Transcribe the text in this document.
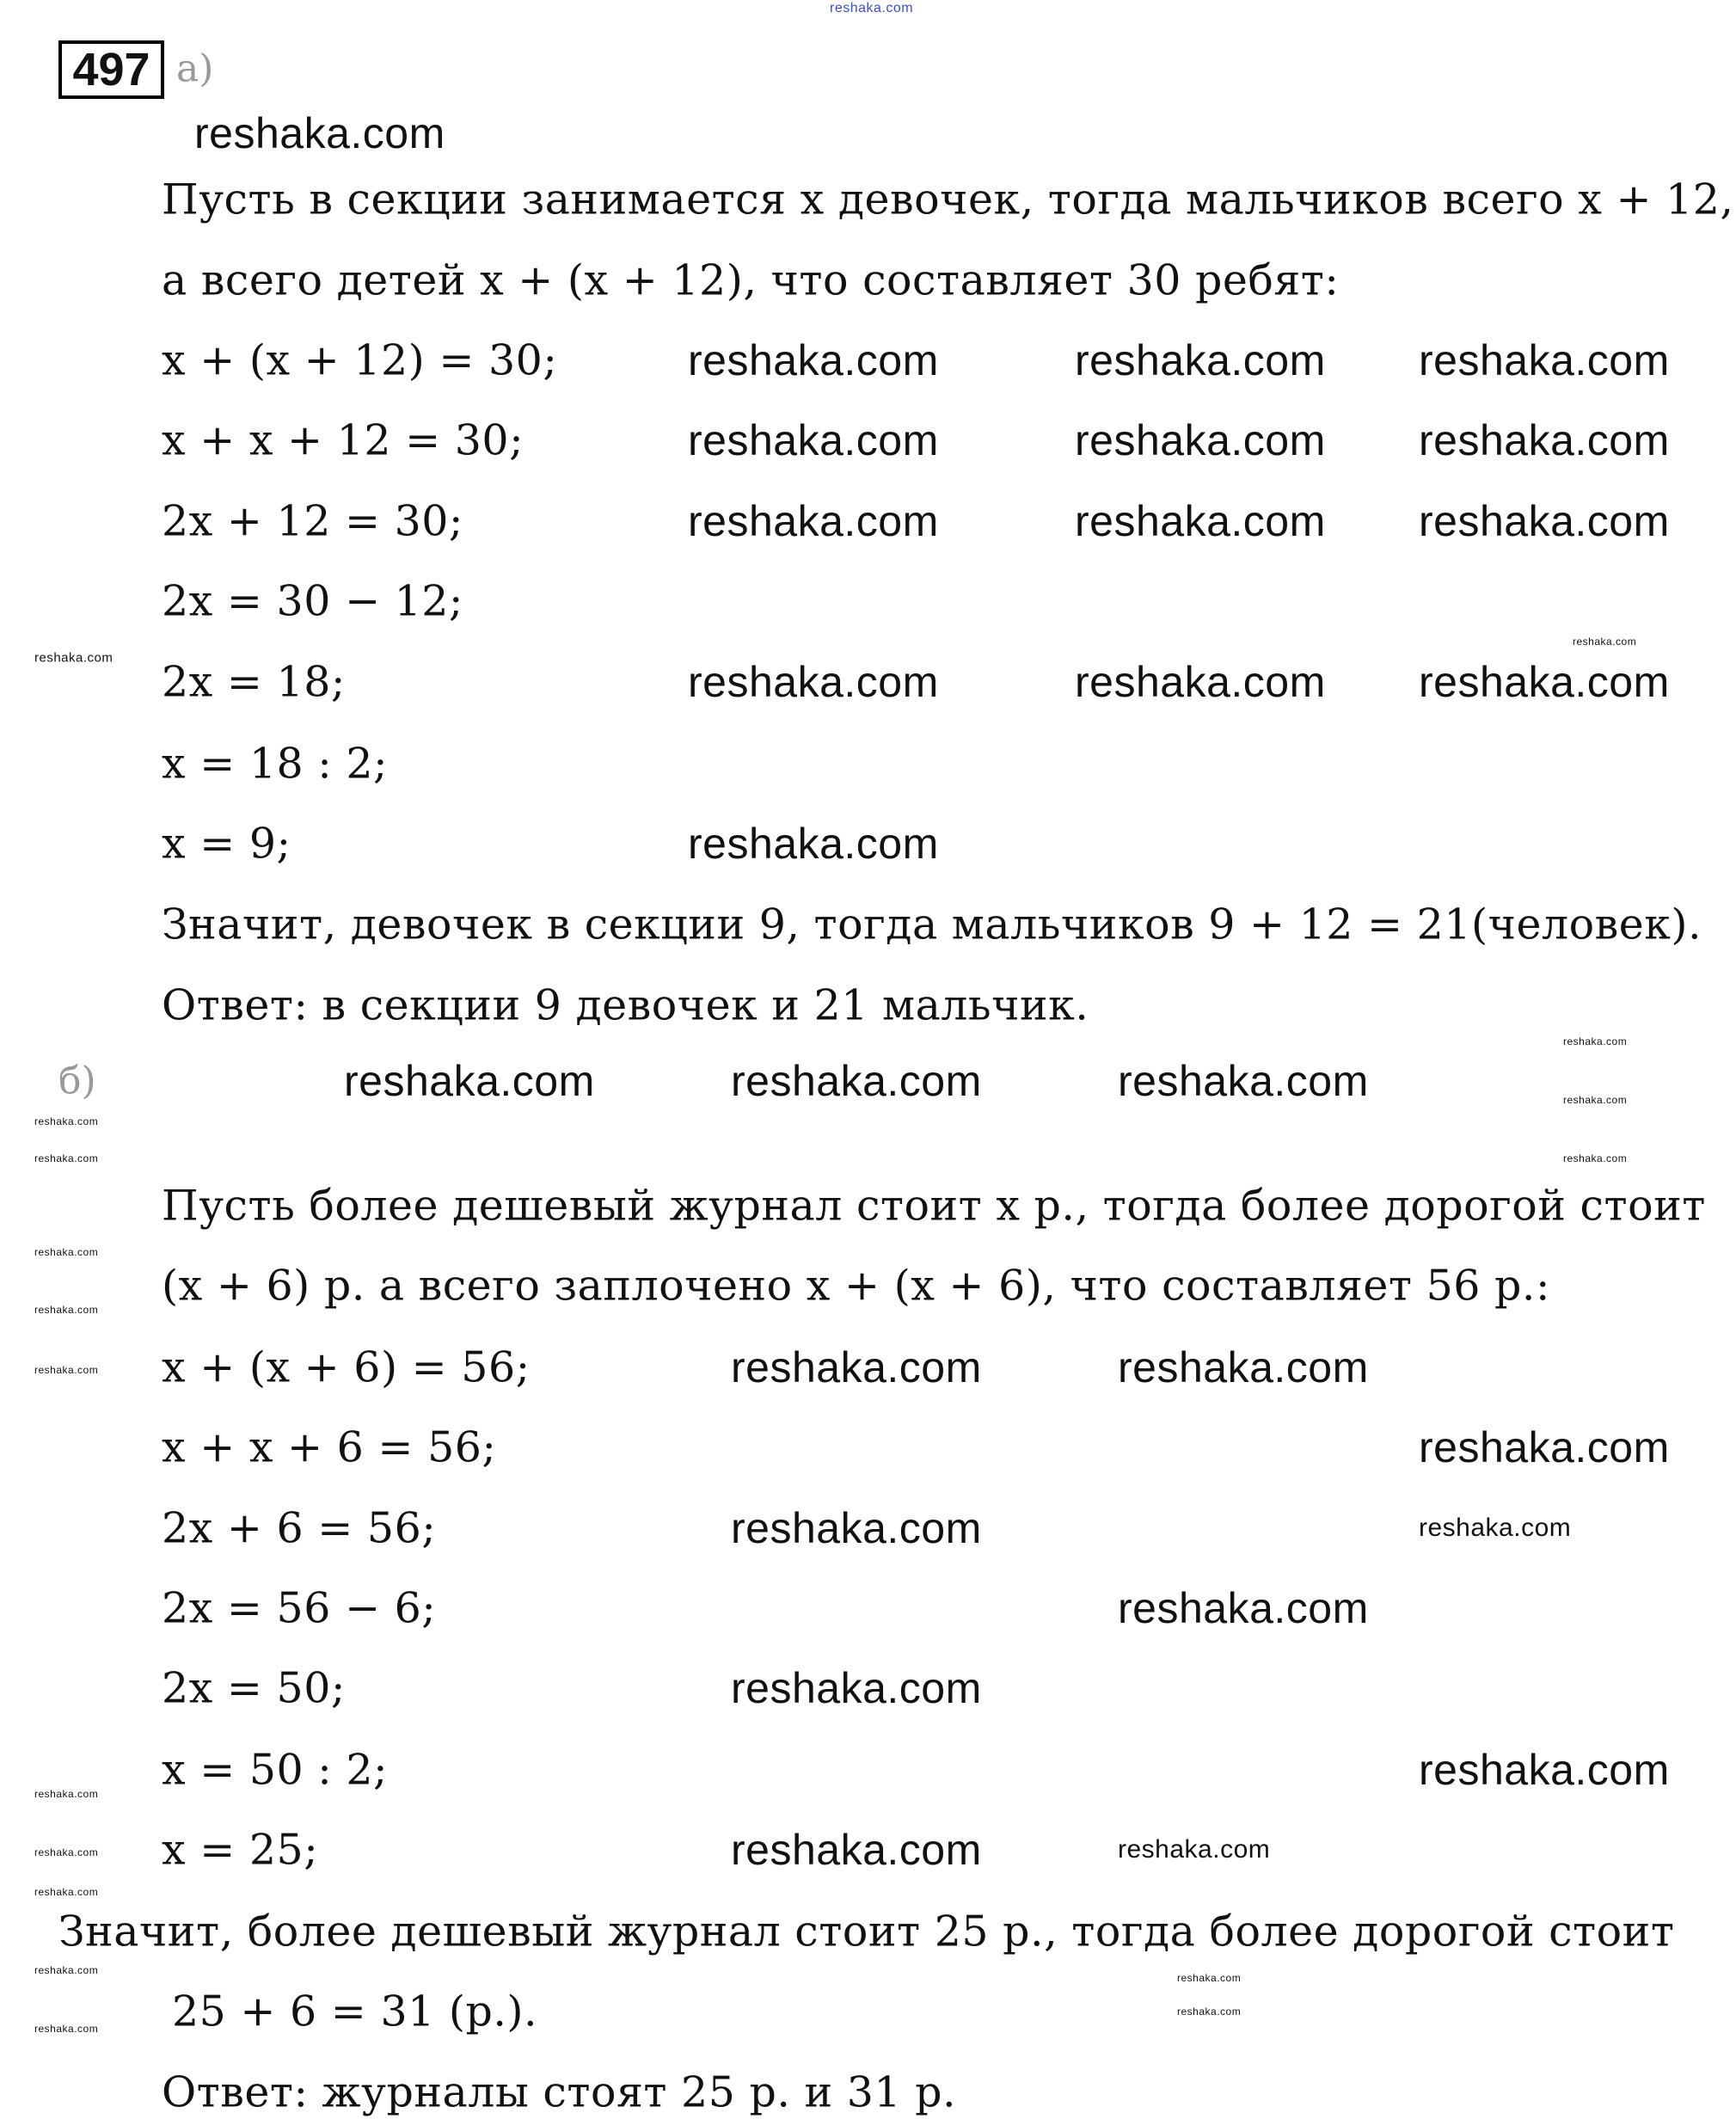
reshaka.com
497 а)
Пусть в секции занимается x девочек, тогда мальчиков всего x + 12,
а всего детей x + (x + 12), что составляет 30 ребят:
x + (x + 12) = 30;
x + x + 12 = 30;
2x + 12 = 30;
2x = 30 − 12;
2x = 18;
x = 18 : 2;
x = 9;
Значит, девочек в секции 9, тогда мальчиков 9 + 12 = 21(человек).
Ответ: в секции 9 девочек и 21 мальчик.
б)
Пусть более дешевый журнал стоит x р., тогда более дорогой стоит
(x + 6) р. а всего заплочено x + (x + 6), что составляет 56 р.:
x + (x + 6) = 56;
x + x + 6 = 56;
2x + 6 = 56;
2x = 56 − 6;
2x = 50;
x = 50 : 2;
x = 25;
Значит, более дешевый журнал стоит 25 р., тогда более дорогой стоит
25 + 6 = 31 (р.).
Ответ: журналы стоят 25 р. и 31 р.
reshaka.com
reshaka.com	reshaka.com reshaka.com
reshaka.com	reshaka.com reshaka.com
reshaka.com	reshaka.com reshaka.com
reshaka.com	reshaka.com reshaka.com
reshaka.com
reshaka.com	reshaka.com	reshaka.com
reshaka.com	reshaka.com
reshaka.com
reshaka.com
reshaka.com
reshaka.com
reshaka.com
reshaka.com
reshaka.com
reshaka.com
reshaka.com
reshaka.com
reshaka.com
reshaka.com
reshaka.com
reshaka.com
reshaka.com
reshaka.com
reshaka.com
reshaka.com
reshaka.com
reshaka.com
reshaka.com
reshaka.com
reshaka.com
reshaka.com
reshaka.com
